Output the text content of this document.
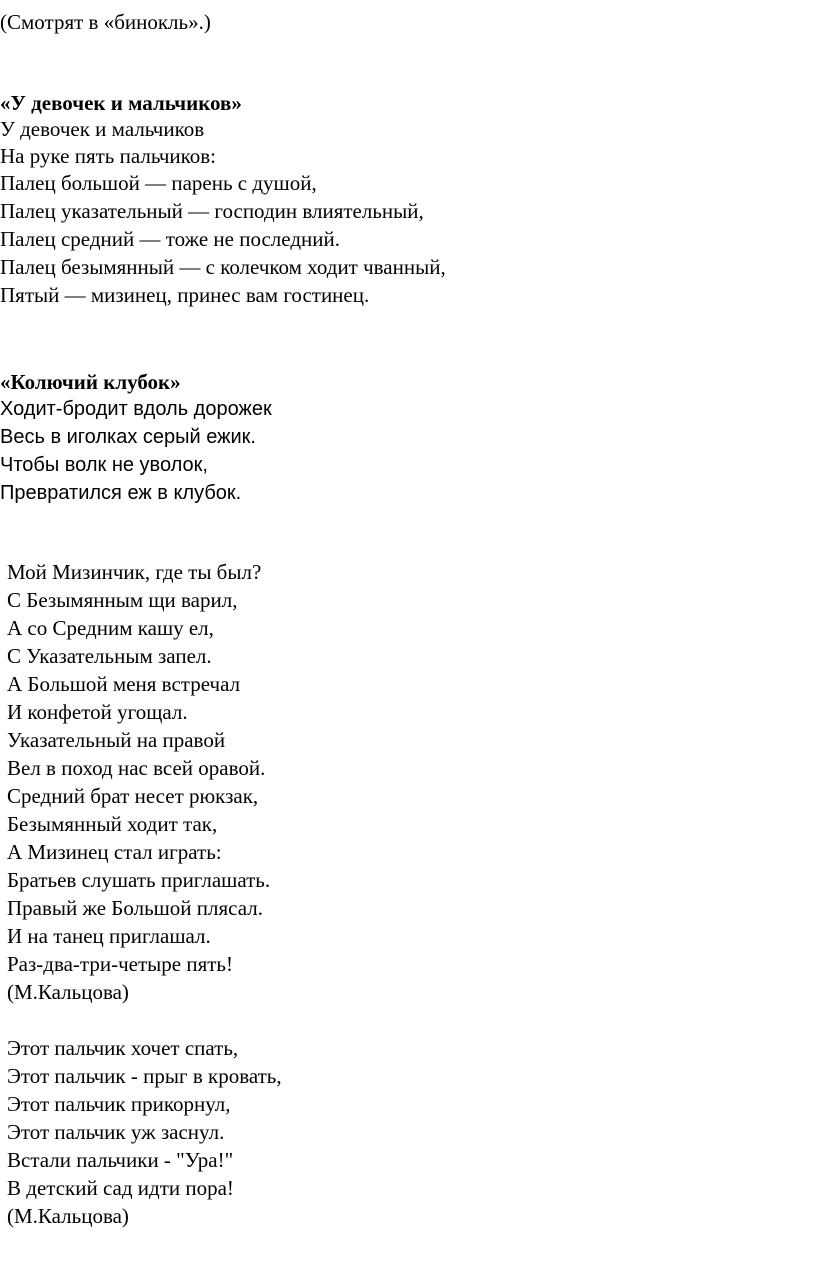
(Смотрят в «бинокль».)
«У девочек и мальчиков»
У девочек и мальчиков
На руке пять пальчиков:
Палец большой — парень с душой,
Палец указательный — господин влиятельный,
Палец средний — тоже не последний.
Палец безымянный — с колечком ходит чванный,
Пятый — мизинец, принес вам гостинец.
«Колючий клубок»
Ходит-бродит вдоль дорожек
Весь в иголках серый ежик.
Чтобы волк не уволок,
Превратился еж в клубок.
Мой Мизинчик, где ты был?
С Безымянным щи варил,
А со Средним кашу ел,
С Указательным запел.
А Большой меня встречал
И конфетой угощал.
Указательный на правой
Вел в поход нас всей оравой.
Средний брат несет рюкзак,
Безымянный ходит так,
А Мизинец стал играть:
Братьев слушать приглашать.
Правый же Большой плясал.
И на танец приглашал.
Раз-два-три-четыре пять!
(М.Кальцова)
Этот пальчик хочет спать,
Этот пальчик - прыг в кровать,
Этот пальчик прикорнул,
Этот пальчик уж заснул.
Встали пальчики - "Ура!"
В детский сад идти пора!
(М.Кальцова)
